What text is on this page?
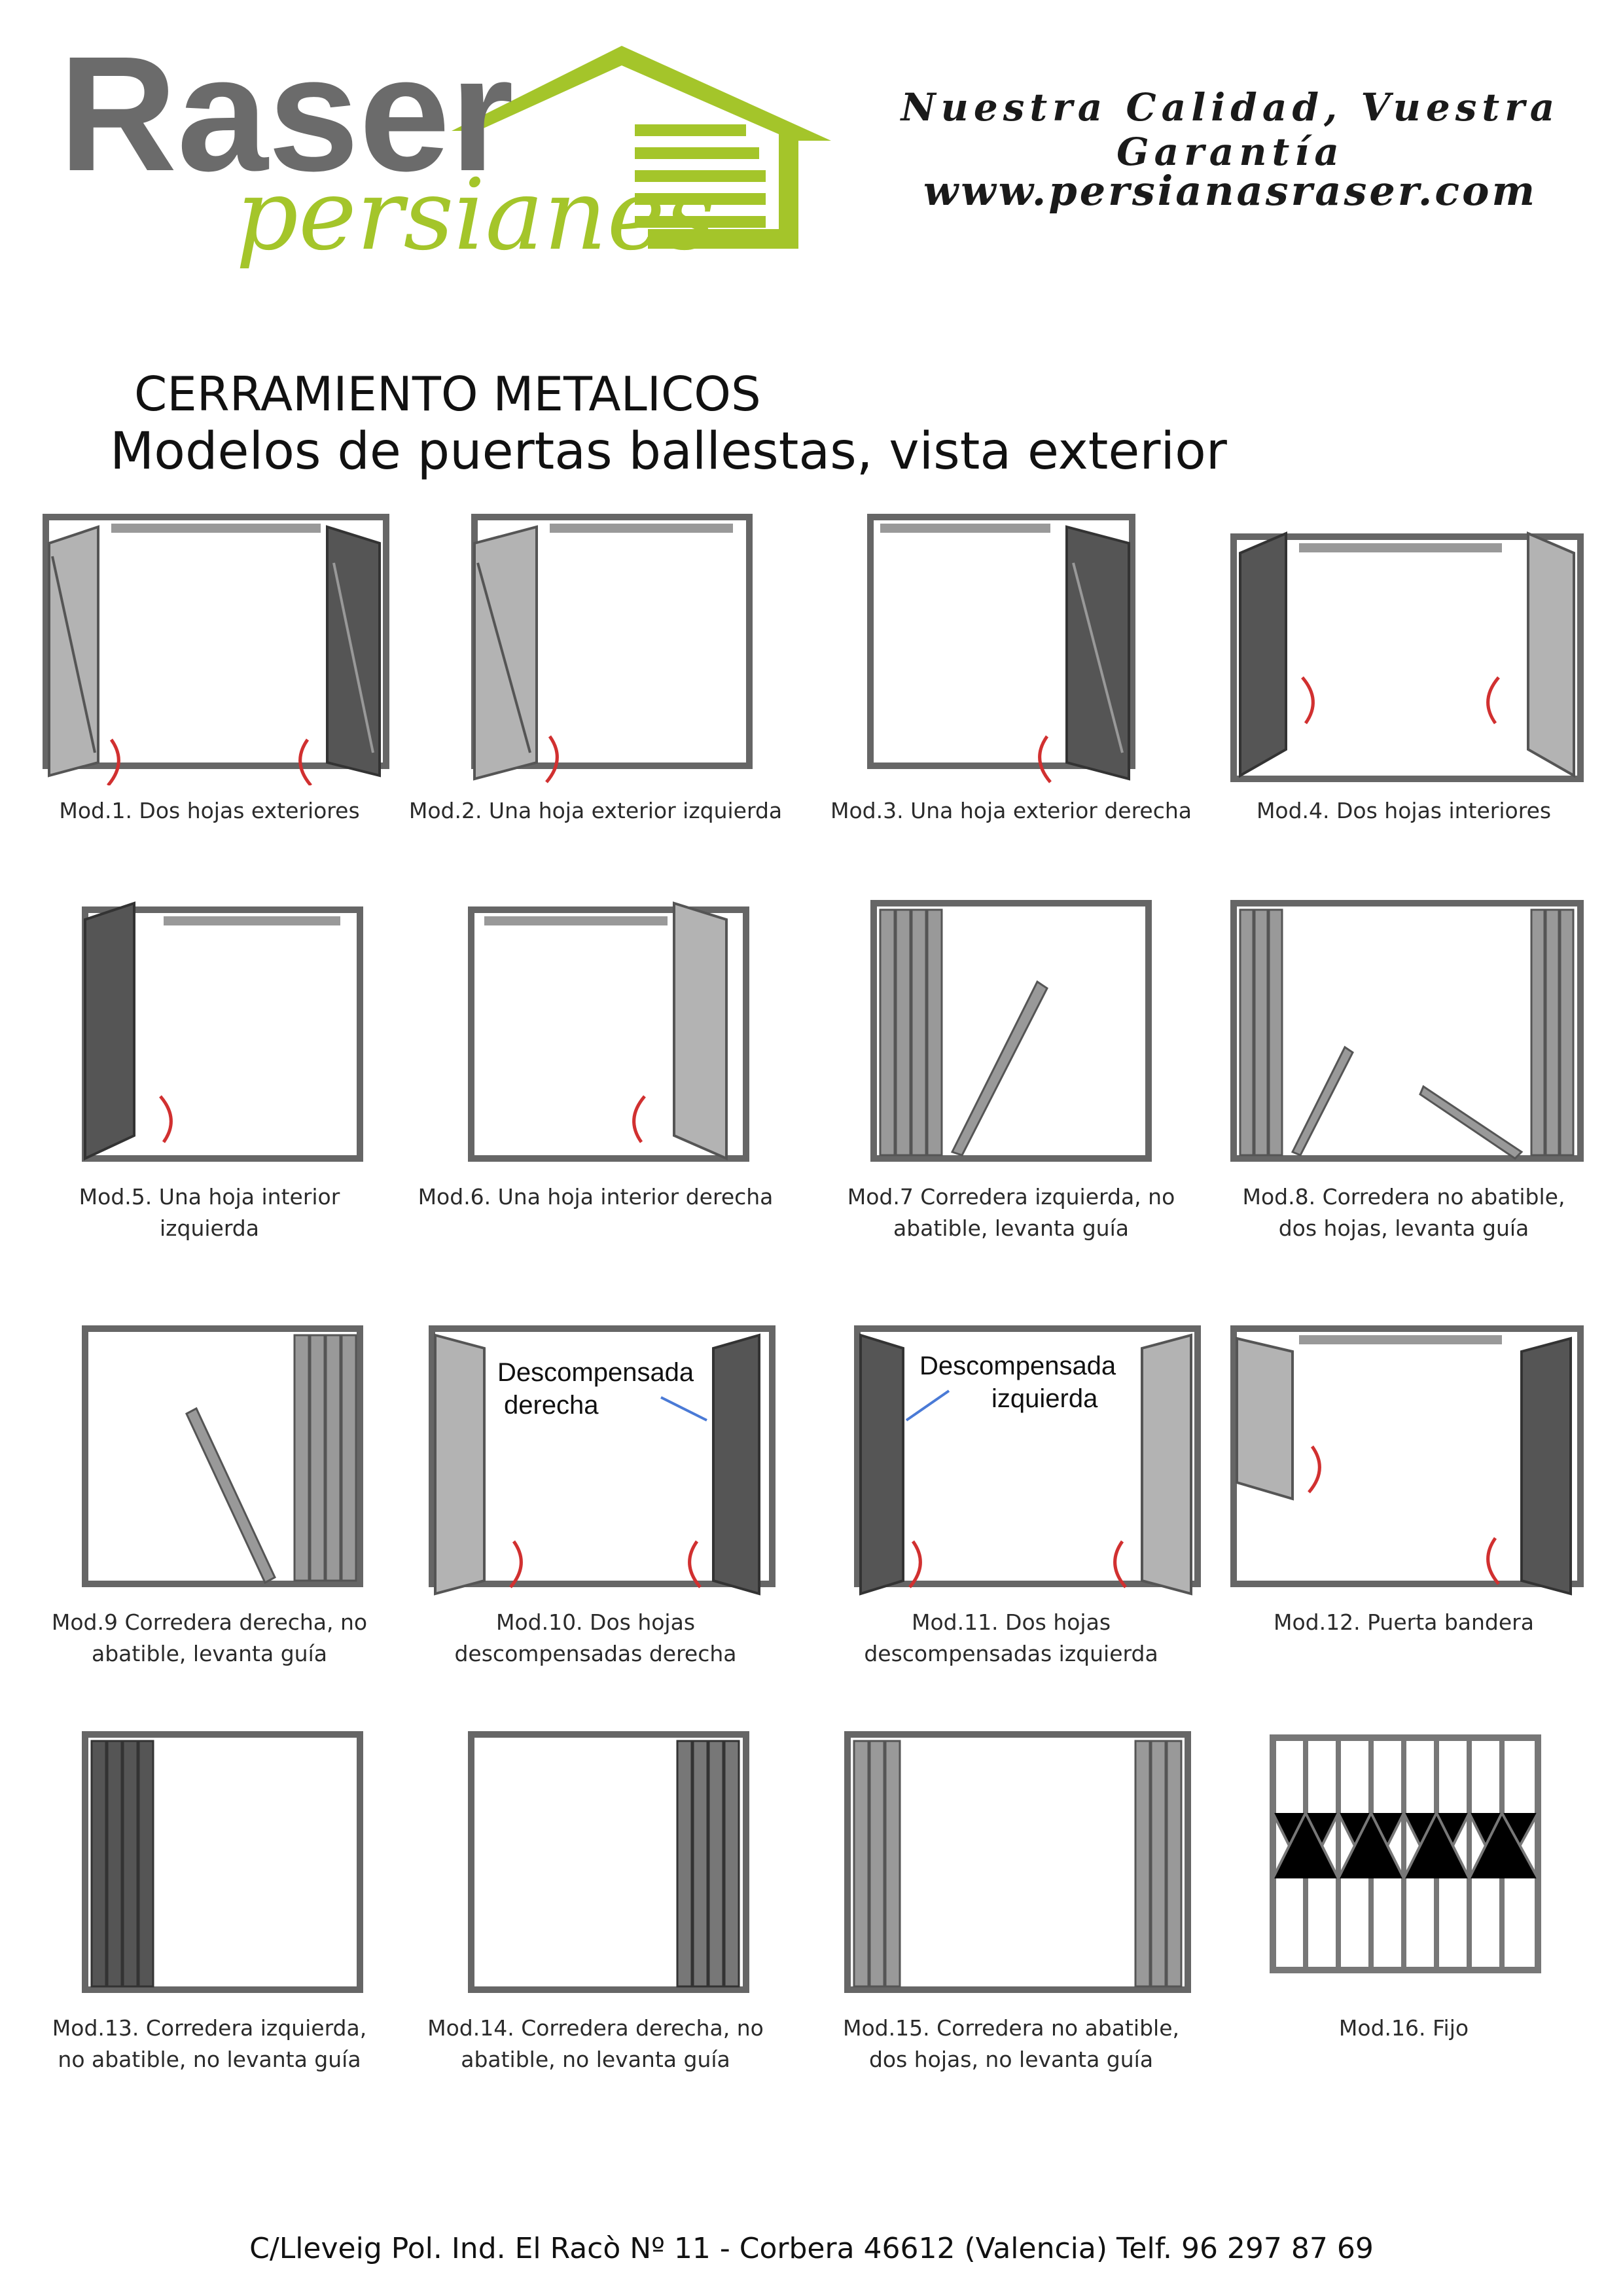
Raser
persianes
Nuestra Calidad, Vuestra Garantía
www.persianasraser.com
CERRAMIENTO METALICOS
Modelos de puertas ballestas, vista exterior
Mod.1. Dos hojas exteriores	Mod.2. Una hoja exterior izquierda	Mod.3. Una hoja exterior derecha	Mod.4. Dos hojas interiores
Mod.5. Una hoja interior
izquierda
Mod.6. Una hoja interior derecha	Mod.7 Corredera izquierda, no
abatible, levanta guía
Mod.8. Corredera no abatible,
dos hojas, levanta guía
Mod.9 Corredera derecha, no
abatible, levanta guía
Descompensada
derecha
Mod.10. Dos hojas
descompensadas derecha
Descompensada
izquierda
Mod.11. Dos hojas
descompensadas izquierda
Mod.12. Puerta bandera
Mod.13. Corredera izquierda,
no abatible, no levanta guía
Mod.14. Corredera derecha, no
abatible, no levanta guía
Mod.15. Corredera no abatible,
dos hojas, no levanta guía
Mod.16. Fijo
C/Lleveig Pol. Ind. El Racò Nº 11 - Corbera 46612 (Valencia) Telf. 96 297 87 69
